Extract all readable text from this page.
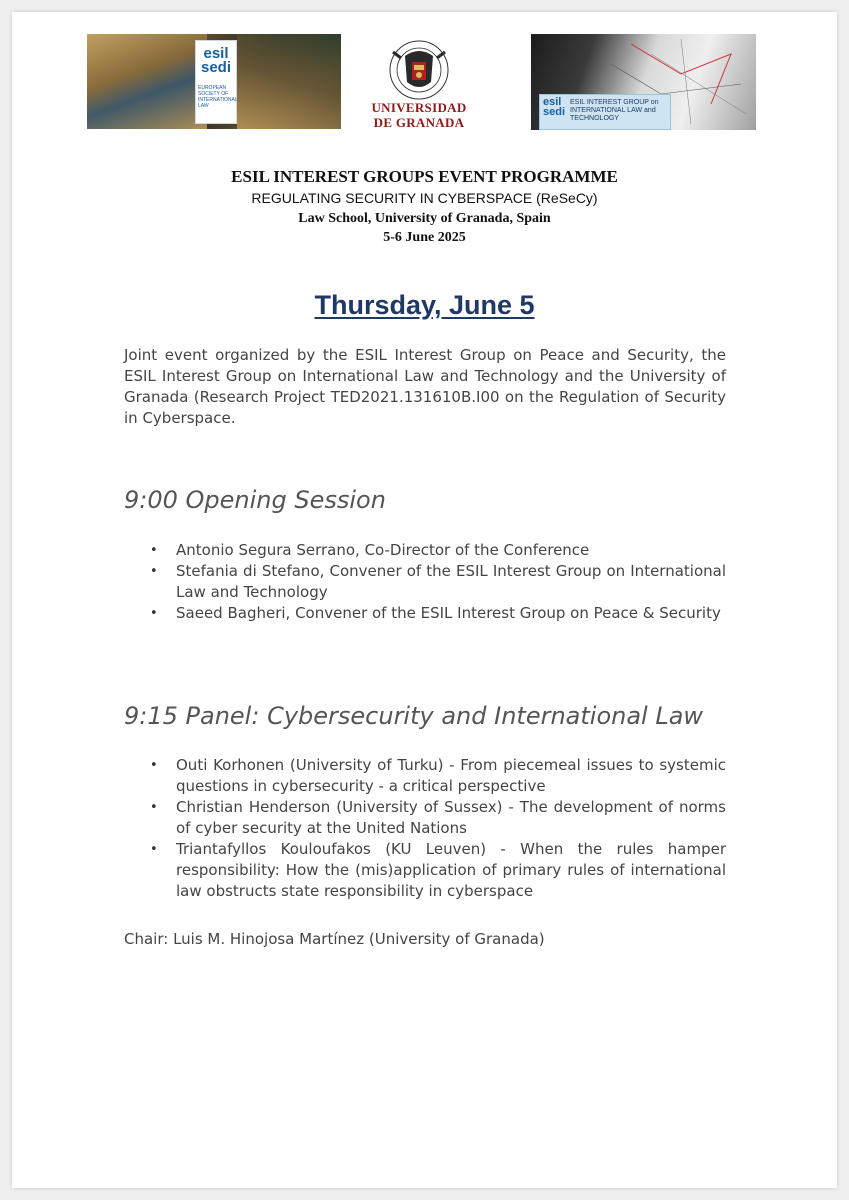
esil sedi
EUROPEAN SOCIETY OF INTERNATIONAL LAW	UNIVERSIDAD
DE GRANADA
esil sedi
ESIL INTEREST GROUP on INTERNATIONAL LAW and TECHNOLOGY
ESIL INTEREST GROUPS EVENT PROGRAMME
REGULATING SECURITY IN CYBERSPACE (ReSeCy)
Law School, University of Granada, Spain
5-6 June 2025
Thursday, June 5

Joint event organized by the ESIL Interest Group on Peace and Security, the ESIL Interest Group on International Law and Technology and the University of Granada (Research Project TED2021.131610B.I00 on the Regulation of Security in Cyberspace.

9:00 Opening Session
• Antonio Segura Serrano, Co-Director of the Conference
• Stefania di Stefano, Convener of the ESIL Interest Group on International Law and Technology
• Saeed Bagheri, Convener of the ESIL Interest Group on Peace & Security
9:15 Panel: Cybersecurity and International Law
• Outi Korhonen (University of Turku) - From piecemeal issues to systemic questions in cybersecurity - a critical perspective
• Christian Henderson (University of Sussex) - The development of norms of cyber security at the United Nations
• Triantafyllos Kouloufakos (KU Leuven) - When the rules hamper responsibility: How the (mis)application of primary rules of international law obstructs state responsibility in cyberspace

Chair: Luis M. Hinojosa Martínez (University of Granada)
